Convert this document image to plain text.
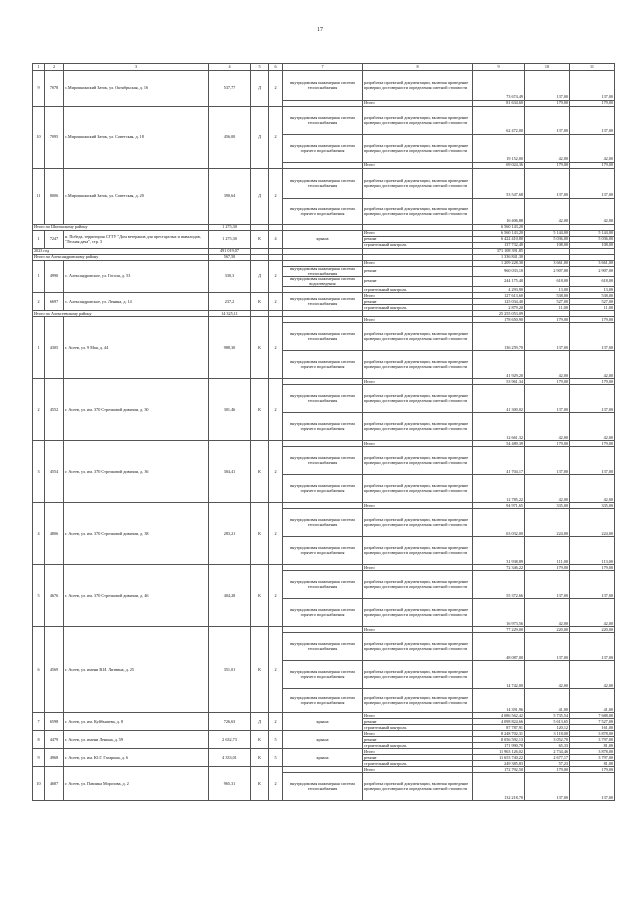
17
1	2	3	4	5	6	7	8	9	10	11
9	7078	с.Мирошкинский Заток, ул. Октябрьская, д. 16	537,77	Д	2	внутридомовая инженерная система теплоснабжения	разработка проектной документации, включая проведение проверки достоверности определения сметной стоимости	73 674,49	137,00	137,00
							Итого	81 634,60	179,00	179,00
10	7095	с.Мирошкинский Заток, ул. Советская, д. 18	456,00	Д	2	внутридомовая инженерная система теплоснабжения	разработка проектной документации, включая проведение проверки достоверности определения сметной стоимости	62 472,00	137,00	137,00
						внутридомовая инженерная система горячего водоснабжения	разработка проектной документации, включая проведение проверки достоверности определения сметной стоимости	19 152,00	42,00	42,00
							Итого	69 024,36	179,00	179,00
11	8006	с.Мирошкинский Заток, ул. Советская, д. 20	390,64	Д	2	внутридомовая инженерная система теплоснабжения	разработка проектной документации, включая проведение проверки достоверности определения сметной стоимости	53 547,68	137,00	137,00
						внутридомовая инженерная система горячего водоснабжения	разработка проектной документации, включая проведение проверки достоверности определения сметной стоимости	16 406,88	42,00	42,00
Итого по Шигонскому району			1 275,30					6 560 143,20		
1	7247	п. Победа, территория СГТУ "Дом ветеранов для престарелых и инвалидов, "Лесная дача", стр. 3	1 275,30	К	4	крыша	Итого	6 560 143,20	5 144,00	5 144,00
							ремонт	6 422 410,80	5 036,00	5 036,00
							строительный контроль	137 732,40	108,00	108,00
2023 год			491 019,07					371 108 391,85		
Итого по Александровскому району			567,50					1 336 841,30		
1	4990	с. Александровское, ул. Гоголя, д. 53	330,3	Д	2		Итого	1 209 228,30	3 661,00	3 661,00
						внутридомовая инженерная система теплоснабжения	ремонт	960 033,10	2 907,00	2 907,00
						внутридомовая инженерная система водоотведения	ремонт	244 175,40	618,00	618,00
							строительный контроль	4 293,90	13,00	13,00
2	6697	с. Александровское, ул. Ленина, д. 14	237,2	К	2	внутридомовая инженерная система теплоснабжения	Итого	127 613,60	538,00	538,00
							ремонт	125 034,40	527,00	527,00
							строительный контроль	2 879,20	11,00	11,00
Итого по Алексеевскому району			14 325,11					25 255 053,09		
1	4305	г. Асеев, ул. 9 Мая, д. 44	988,30	К	2		Итого	178 650,90	179,00	179,00
						внутридомовая инженерная система теплоснабжения	разработка проектной документации, включая проведение проверки достоверности определения сметной стоимости	136 259,70	137,00	137,00
						внутридомовая инженерная система горячего водоснабжения	разработка проектной документации, включая проведение проверки достоверности определения сметной стоимости	41 929,20	42,00	42,00
2	4552	г. Асеев, ул. им. 370 Стрелковой дивизии, д. 30	301,46	К	2		Итого	53 961,34	179,00	179,00
						внутридомовая инженерная система теплоснабжения	разработка проектной документации, включая проведение проверки достоверности определения сметной стоимости	41 300,02	137,00	137,00
						внутридомовая инженерная система горячего водоснабжения	разработка проектной документации, включая проведение проверки достоверности определения сметной стоимости	12 661,32	42,00	42,00
3	4554	г. Асеев, ул. им. 370 Стрелковой дивизии, д. 36	304,41	К	2		Итого	54 489,39	179,00	179,00
						внутридомовая инженерная система теплоснабжения	разработка проектной документации, включая проведение проверки достоверности определения сметной стоимости	41 704,17	137,00	137,00
						внутридомовая инженерная система горячего водоснабжения	разработка проектной документации, включая проведение проверки достоверности определения сметной стоимости	12 785,22	42,00	42,00
4	4806	г. Асеев, ул. им. 370 Стрелковой дивизии, д. 38	283,21	К	2		Итого	94 971,65	335,00	335,00
						внутридомовая инженерная система теплоснабжения	разработка проектной документации, включая проведение проверки достоверности определения сметной стоимости	63 032,00	224,00	224,00
						внутридомовая инженерная система горячего водоснабжения	разработка проектной документации, включая проведение проверки достоверности определения сметной стоимости	31 938,89	111,00	113,00
5	4676	г. Асеев, ул. им. 370 Стрелковой дивизии, д. 46	404,28	К	2		Итого	72 346,22	179,00	179,00
						внутридомовая инженерная система теплоснабжения	разработка проектной документации, включая проведение проверки достоверности определения сметной стоимости	55 372,66	137,00	137,00
						внутридомовая инженерная система горячего водоснабжения	разработка проектной документации, включая проведение проверки достоверности определения сметной стоимости	16 973,56	42,00	42,00
6	4569	г. Асеев, ул. имени В.И. Литвина, д. 25	351,01	К	2		Итого	77 229,00	220,00	220,00
						внутридомовая инженерная система теплоснабжения	разработка проектной документации, включая проведение проверки достоверности определения сметной стоимости	48 087,00	137,00	137,00
						внутридомовая инженерная система горячего водоснабжения	разработка проектной документации, включая проведение проверки достоверности определения сметной стоимости	14 742,00	42,00	42,00
						внутридомовая инженерная система горячего водоснабжения	разработка проектной документации, включая проведение проверки достоверности определения сметной стоимости	14 391,96	41,00	41,00
7	6598	г. Асеев, ул. им. Куйбышева, д. 8	726,63	Д	2	крыша	Итого	4 086 562,42	5 735,54	7 688,00
							ремонт	4 098 824,66	5 613,65	7 527,00
							строительный контроль	87 787,91	120,12	161,00
8	4479	г. Асеев, ул. имени Ленина, д. 59	2 632,73	К	5	крыша	Итого	8 248 702,31	3 118,00	3 878,00
							ремонт	8 056 592,13	3 052,70	3 797,00
							строительный контроль	171 990,78	65,33	81,00
9	4968	г. Асеев, ул. им. Ю.Г. Гагарина, д. 6	4 333,01	К	5	крыша	Итого	11 963 126,02	2 734,46	3 878,00
							ремонт	11 653 740,22	2 677,17	3 797,00
							строительный контроль	249 385,83	57,23	81,00
10	4687	г. Асеев, ул. Павлика Морозова, д. 2	965,31	К	2		Итого	172 792,50	179,00	179,00
						внутридомовая инженерная система теплоснабжения	разработка проектной документации, включая проведение проверки достоверности определения сметной стоимости	132 218,70	137,00	137,00
